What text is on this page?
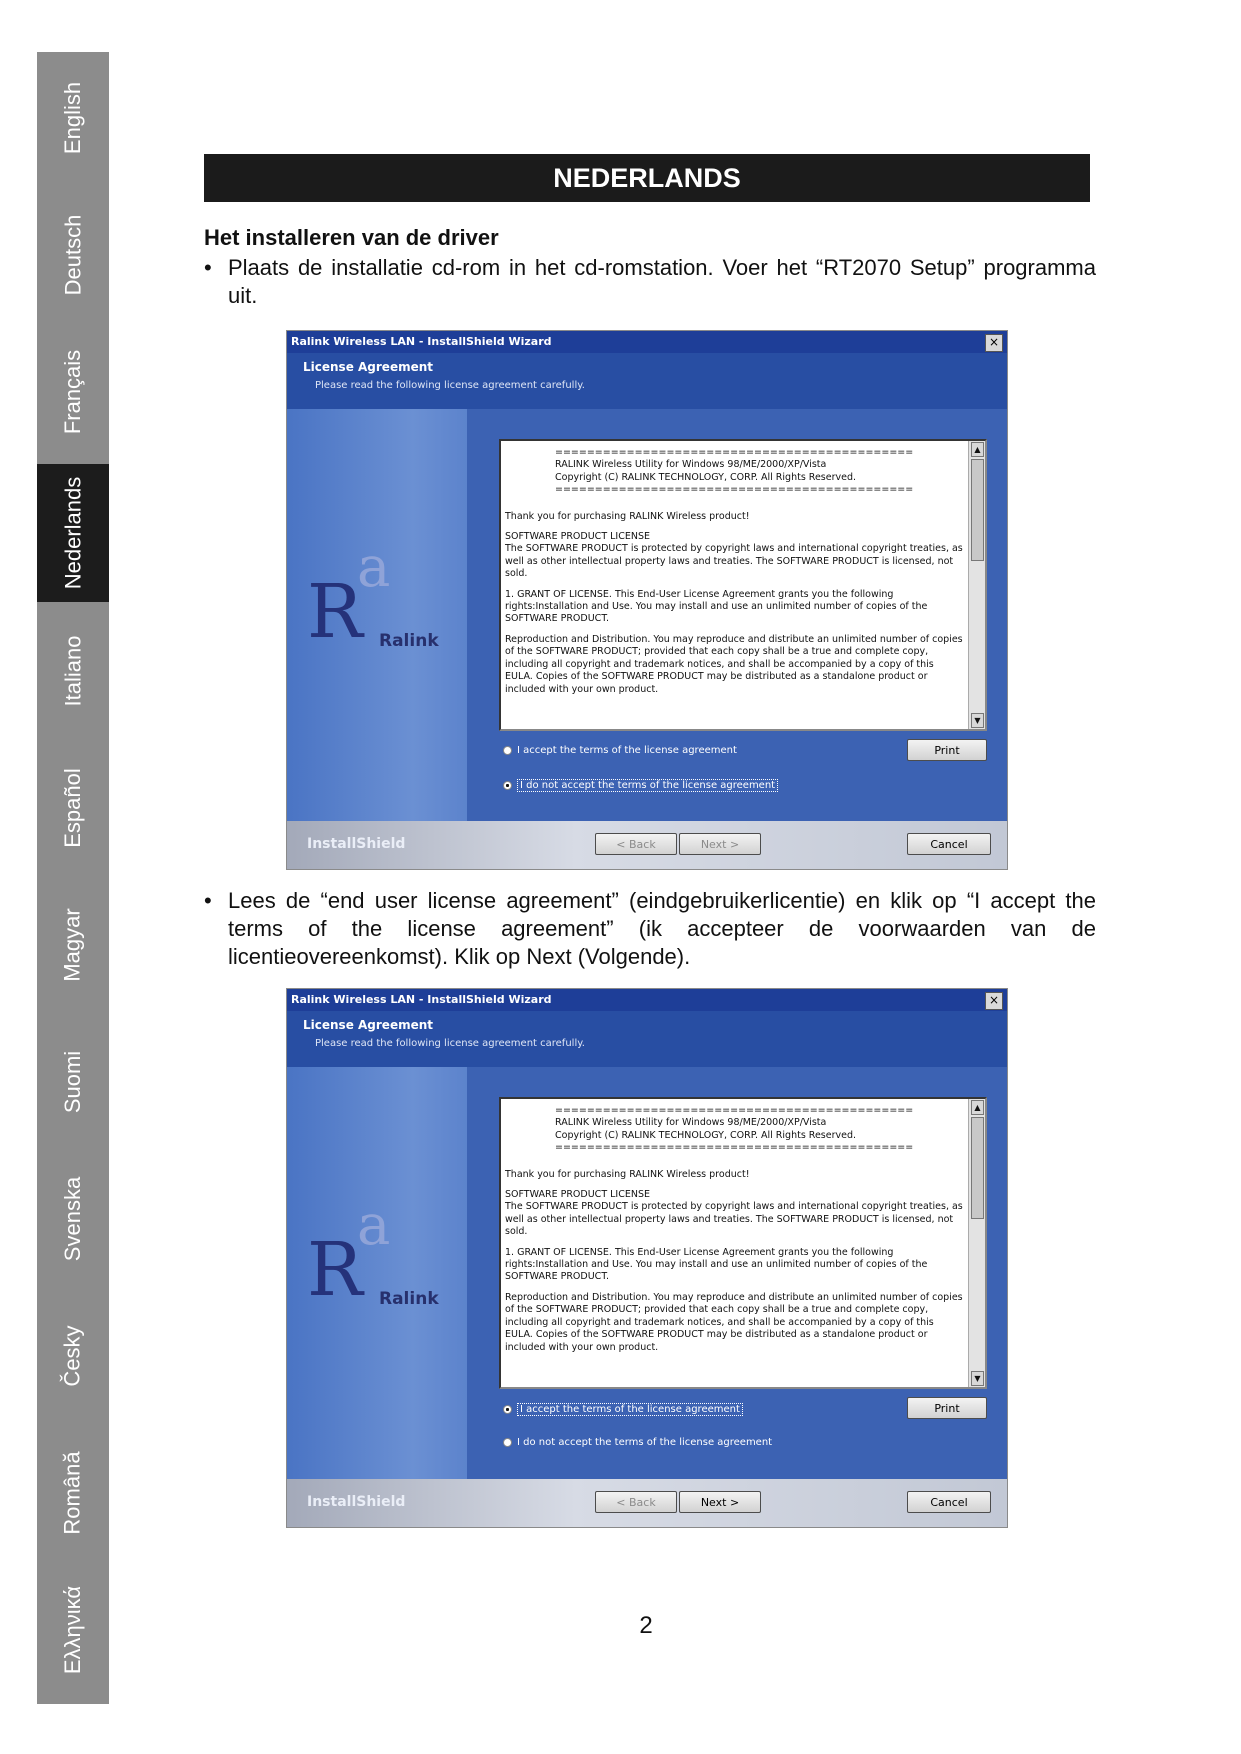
English
Deutsch
Français
Nederlands
Italiano
Español
Magyar
Suomi
Svenska
Česky
Română
Ελληνικά
NEDERLANDS
Het installeren van de driver
• Plaats de installatie cd-rom in het cd-romstation. Voer het “RT2070 Setup” programma uit.
Ralink Wireless LAN - InstallShield Wizard	×
License Agreement
Please read the following license agreement carefully.
a
R Ralink

=============================================

RALINK Wireless Utility for Windows 98/ME/2000/XP/Vista

Copyright (C) RALINK TECHNOLOGY, CORP. All Rights Reserved.

=============================================

Thank you for purchasing RALINK Wireless product!

SOFTWARE PRODUCT LICENSE

The SOFTWARE PRODUCT is protected by copyright laws and international copyright treaties, as well as other intellectual property laws and treaties. The SOFTWARE PRODUCT is licensed, not sold.

1. GRANT OF LICENSE. This End-User License Agreement grants you the following rights:Installation and Use. You may install and use an unlimited number of copies of the SOFTWARE PRODUCT.

Reproduction and Distribution. You may reproduce and distribute an unlimited number of copies of the SOFTWARE PRODUCT; provided that each copy shall be a true and complete copy, including all copyright and trademark notices, and shall be accompanied by a copy of this EULA. Copies of the SOFTWARE PRODUCT may be distributed as a standalone product or included with your own product.

▲
▼
I accept the terms of the license agreement
I do not accept the terms of the license agreement
Print
InstallShield	< Back	Next >	Cancel
• Lees de “end user license agreement” (eindgebruikerlicentie) en klik op “I accept the terms of the license agreement” (ik accepteer de voorwaarden van de licentieovereenkomst). Klik op Next (Volgende).
Ralink Wireless LAN - InstallShield Wizard	×
License Agreement
Please read the following license agreement carefully.
a
R Ralink

=============================================

RALINK Wireless Utility for Windows 98/ME/2000/XP/Vista

Copyright (C) RALINK TECHNOLOGY, CORP. All Rights Reserved.

=============================================

Thank you for purchasing RALINK Wireless product!

SOFTWARE PRODUCT LICENSE

The SOFTWARE PRODUCT is protected by copyright laws and international copyright treaties, as well as other intellectual property laws and treaties. The SOFTWARE PRODUCT is licensed, not sold.

1. GRANT OF LICENSE. This End-User License Agreement grants you the following rights:Installation and Use. You may install and use an unlimited number of copies of the SOFTWARE PRODUCT.

Reproduction and Distribution. You may reproduce and distribute an unlimited number of copies of the SOFTWARE PRODUCT; provided that each copy shall be a true and complete copy, including all copyright and trademark notices, and shall be accompanied by a copy of this EULA. Copies of the SOFTWARE PRODUCT may be distributed as a standalone product or included with your own product.

▲
▼
I accept the terms of the license agreement
I do not accept the terms of the license agreement
Print
InstallShield	< Back	Next >	Cancel
2
